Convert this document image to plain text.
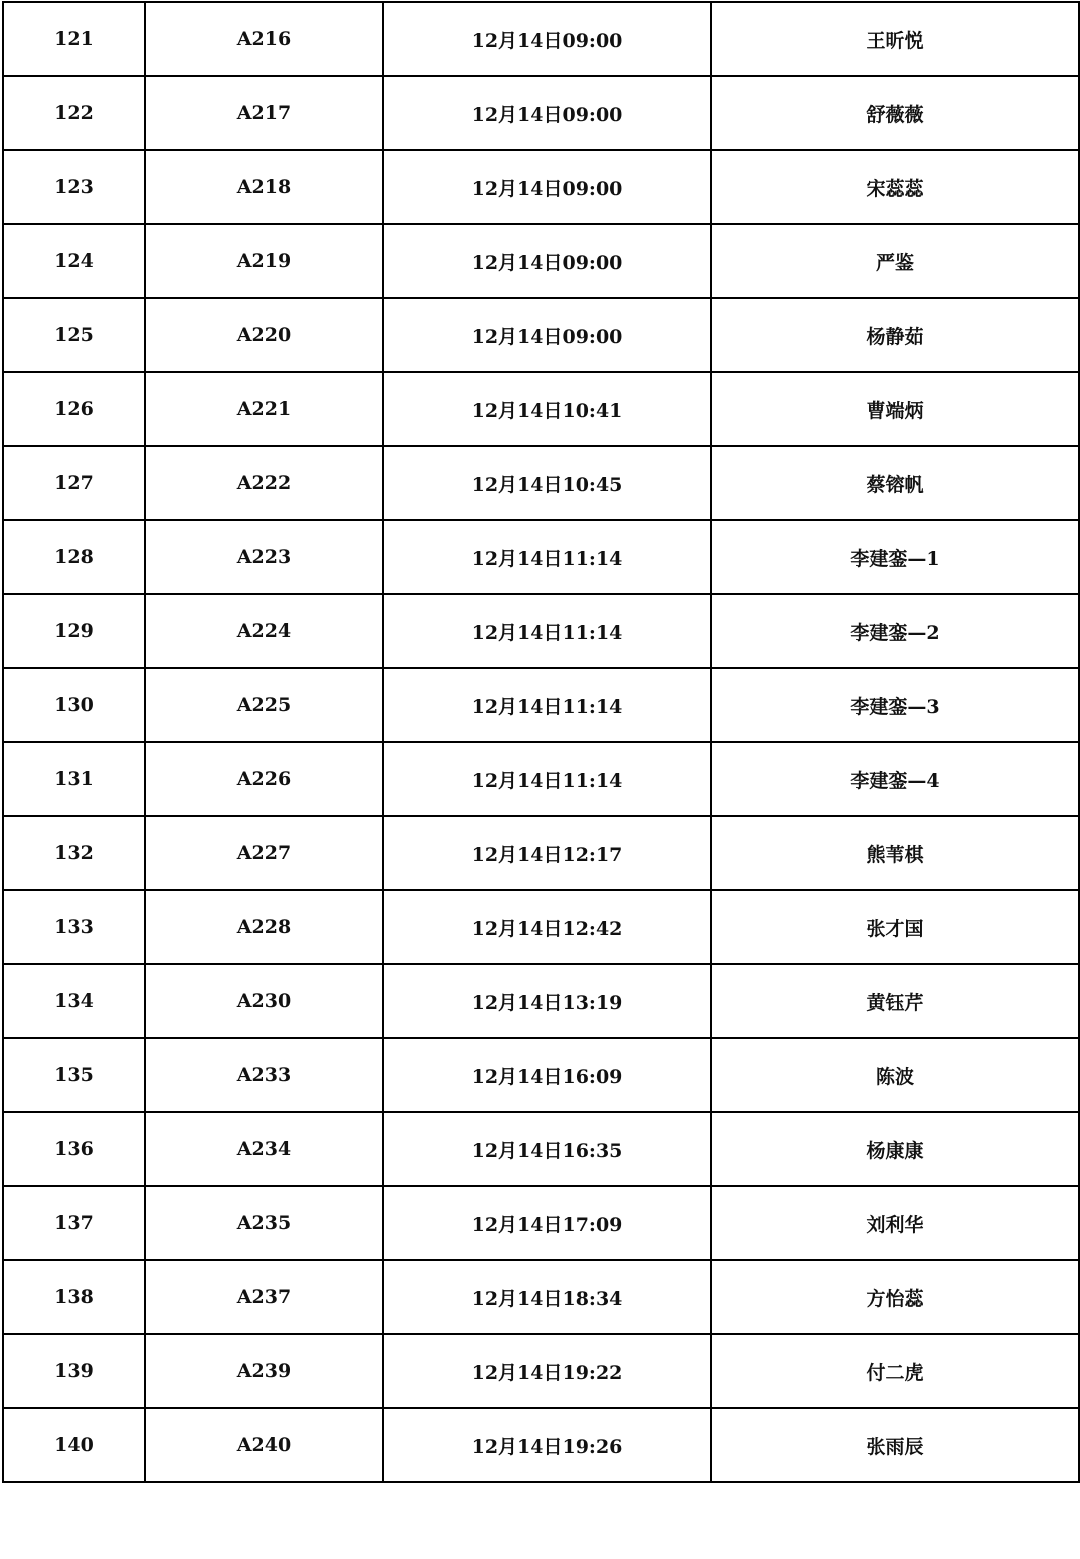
121	A216	12月14日09:00	王昕悦
122	A217	12月14日09:00	舒薇薇
123	A218	12月14日09:00	宋蕊蕊
124	A219	12月14日09:00	严鉴
125	A220	12月14日09:00	杨静茹
126	A221	12月14日10:41	曹端炳
127	A222	12月14日10:45	蔡镕帆
128	A223	12月14日11:14	李建銮—1
129	A224	12月14日11:14	李建銮—2
130	A225	12月14日11:14	李建銮—3
131	A226	12月14日11:14	李建銮—4
132	A227	12月14日12:17	熊苇棋
133	A228	12月14日12:42	张才国
134	A230	12月14日13:19	黄钰芹
135	A233	12月14日16:09	陈波
136	A234	12月14日16:35	杨康康
137	A235	12月14日17:09	刘利华
138	A237	12月14日18:34	方怡蕊
139	A239	12月14日19:22	付二虎
140	A240	12月14日19:26	张雨辰
